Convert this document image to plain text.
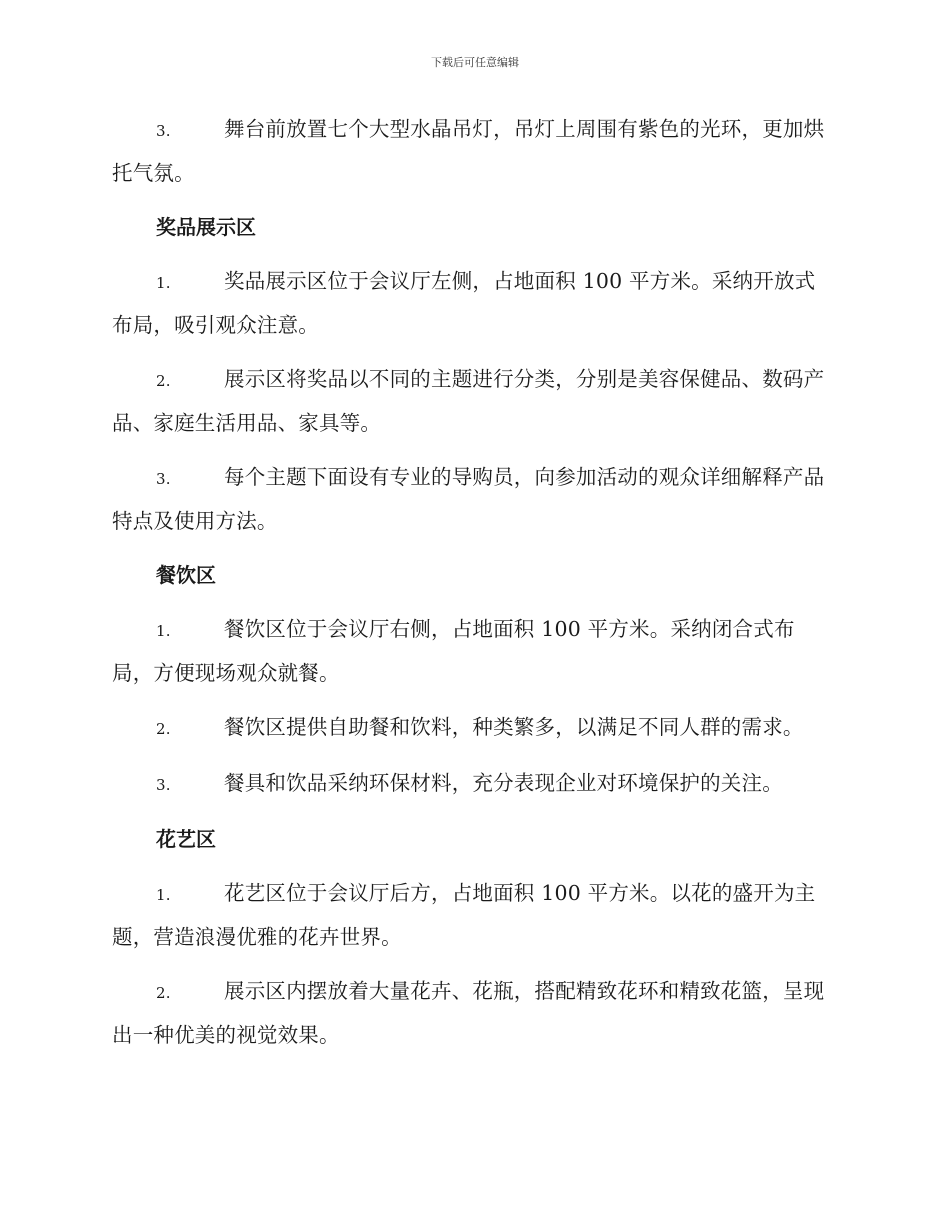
下载后可任意编辑

3.	舞台前放置七个大型水晶吊灯，吊灯上周围有紫色的光环，更加烘托气氛。

奖品展示区

1.	奖品展示区位于会议厅左侧，占地面积 100 平方米。采纳开放式布局，吸引观众注意。

2.	展示区将奖品以不同的主题进行分类，分别是美容保健品、数码产品、家庭生活用品、家具等。

3.	每个主题下面设有专业的导购员，向参加活动的观众详细解释产品特点及使用方法。

餐饮区

1.	餐饮区位于会议厅右侧，占地面积 100 平方米。采纳闭合式布局，方便现场观众就餐。

2.	餐饮区提供自助餐和饮料，种类繁多，以满足不同人群的需求。

3.	餐具和饮品采纳环保材料，充分表现企业对环境保护的关注。

花艺区

1.	花艺区位于会议厅后方，占地面积 100 平方米。以花的盛开为主题，营造浪漫优雅的花卉世界。

2.	展示区内摆放着大量花卉、花瓶，搭配精致花环和精致花篮，呈现出一种优美的视觉效果。
